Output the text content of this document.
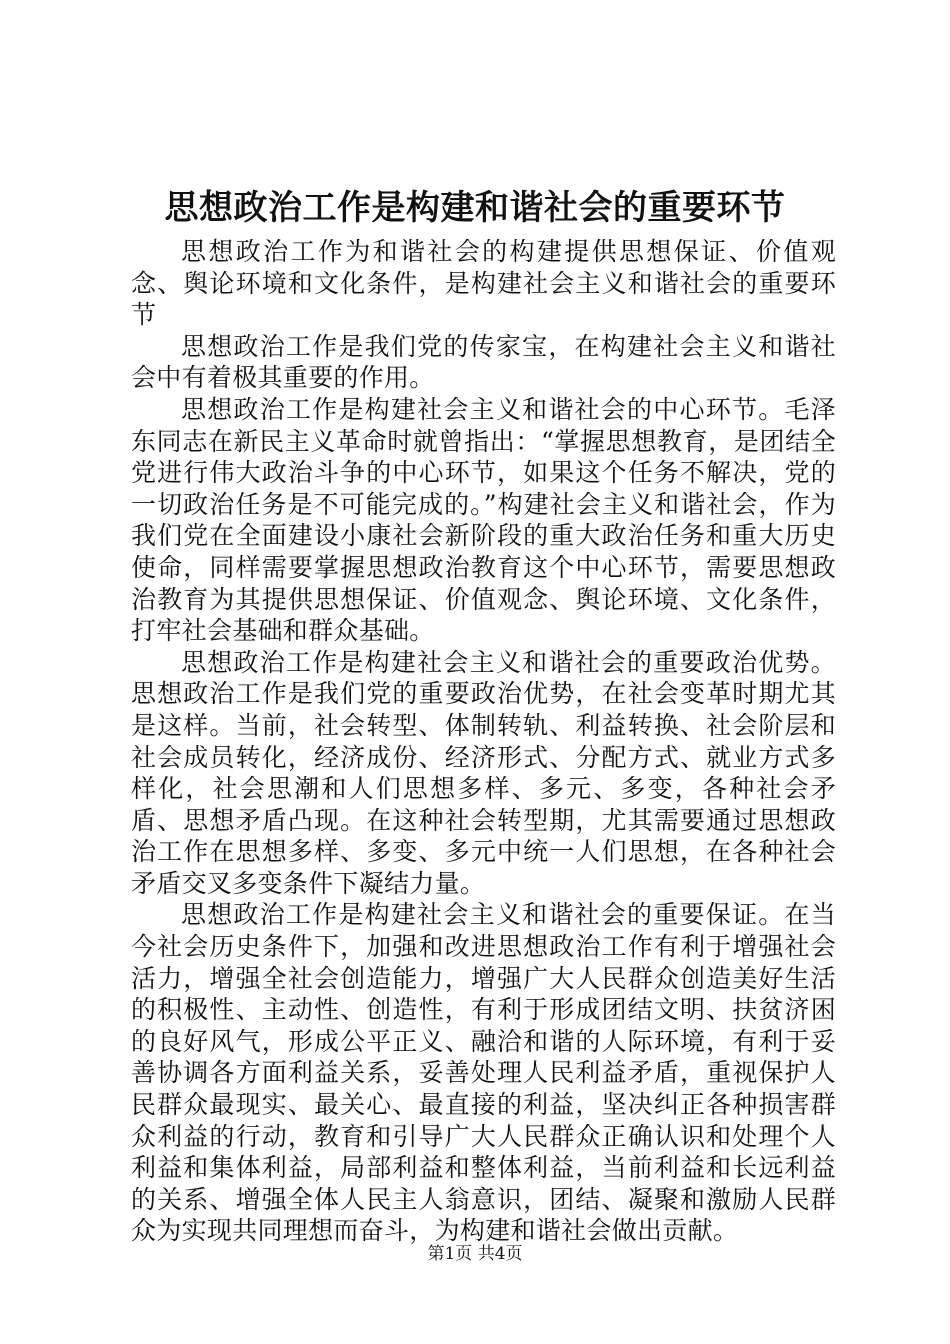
思想政治工作是构建和谐社会的重要环节

思想政治工作为和谐社会的构建提供思想保证、价值观念、舆论环境和文化条件，是构建社会主义和谐社会的重要环节

思想政治工作是我们党的传家宝，在构建社会主义和谐社会中有着极其重要的作用。

思想政治工作是构建社会主义和谐社会的中心环节。毛泽东同志在新民主义革命时就曾指出：“掌握思想教育，是团结全党进行伟大政治斗争的中心环节，如果这个任务不解决，党的一切政治任务是不可能完成的。”构建社会主义和谐社会，作为我们党在全面建设小康社会新阶段的重大政治任务和重大历史使命，同样需要掌握思想政治教育这个中心环节，需要思想政治教育为其提供思想保证、价值观念、舆论环境、文化条件，打牢社会基础和群众基础。

思想政治工作是构建社会主义和谐社会的重要政治优势。思想政治工作是我们党的重要政治优势，在社会变革时期尤其是这样。当前，社会转型、体制转轨、利益转换、社会阶层和社会成员转化，经济成份、经济形式、分配方式、就业方式多样化，社会思潮和人们思想多样、多元、多变，各种社会矛盾、思想矛盾凸现。在这种社会转型期，尤其需要通过思想政治工作在思想多样、多变、多元中统一人们思想，在各种社会矛盾交叉多变条件下凝结力量。

思想政治工作是构建社会主义和谐社会的重要保证。在当今社会历史条件下，加强和改进思想政治工作有利于增强社会活力，增强全社会创造能力，增强广大人民群众创造美好生活的积极性、主动性、创造性，有利于形成团结文明、扶贫济困的良好风气，形成公平正义、融洽和谐的人际环境，有利于妥善协调各方面利益关系，妥善处理人民利益矛盾，重视保护人民群众最现实、最关心、最直接的利益，坚决纠正各种损害群众利益的行动，教育和引导广大人民群众正确认识和处理个人利益和集体利益，局部利益和整体利益，当前利益和长远利益的关系、增强全体人民主人翁意识，团结、凝聚和激励人民群众为实现共同理想而奋斗，为构建和谐社会做出贡献。

第1页 共4页
